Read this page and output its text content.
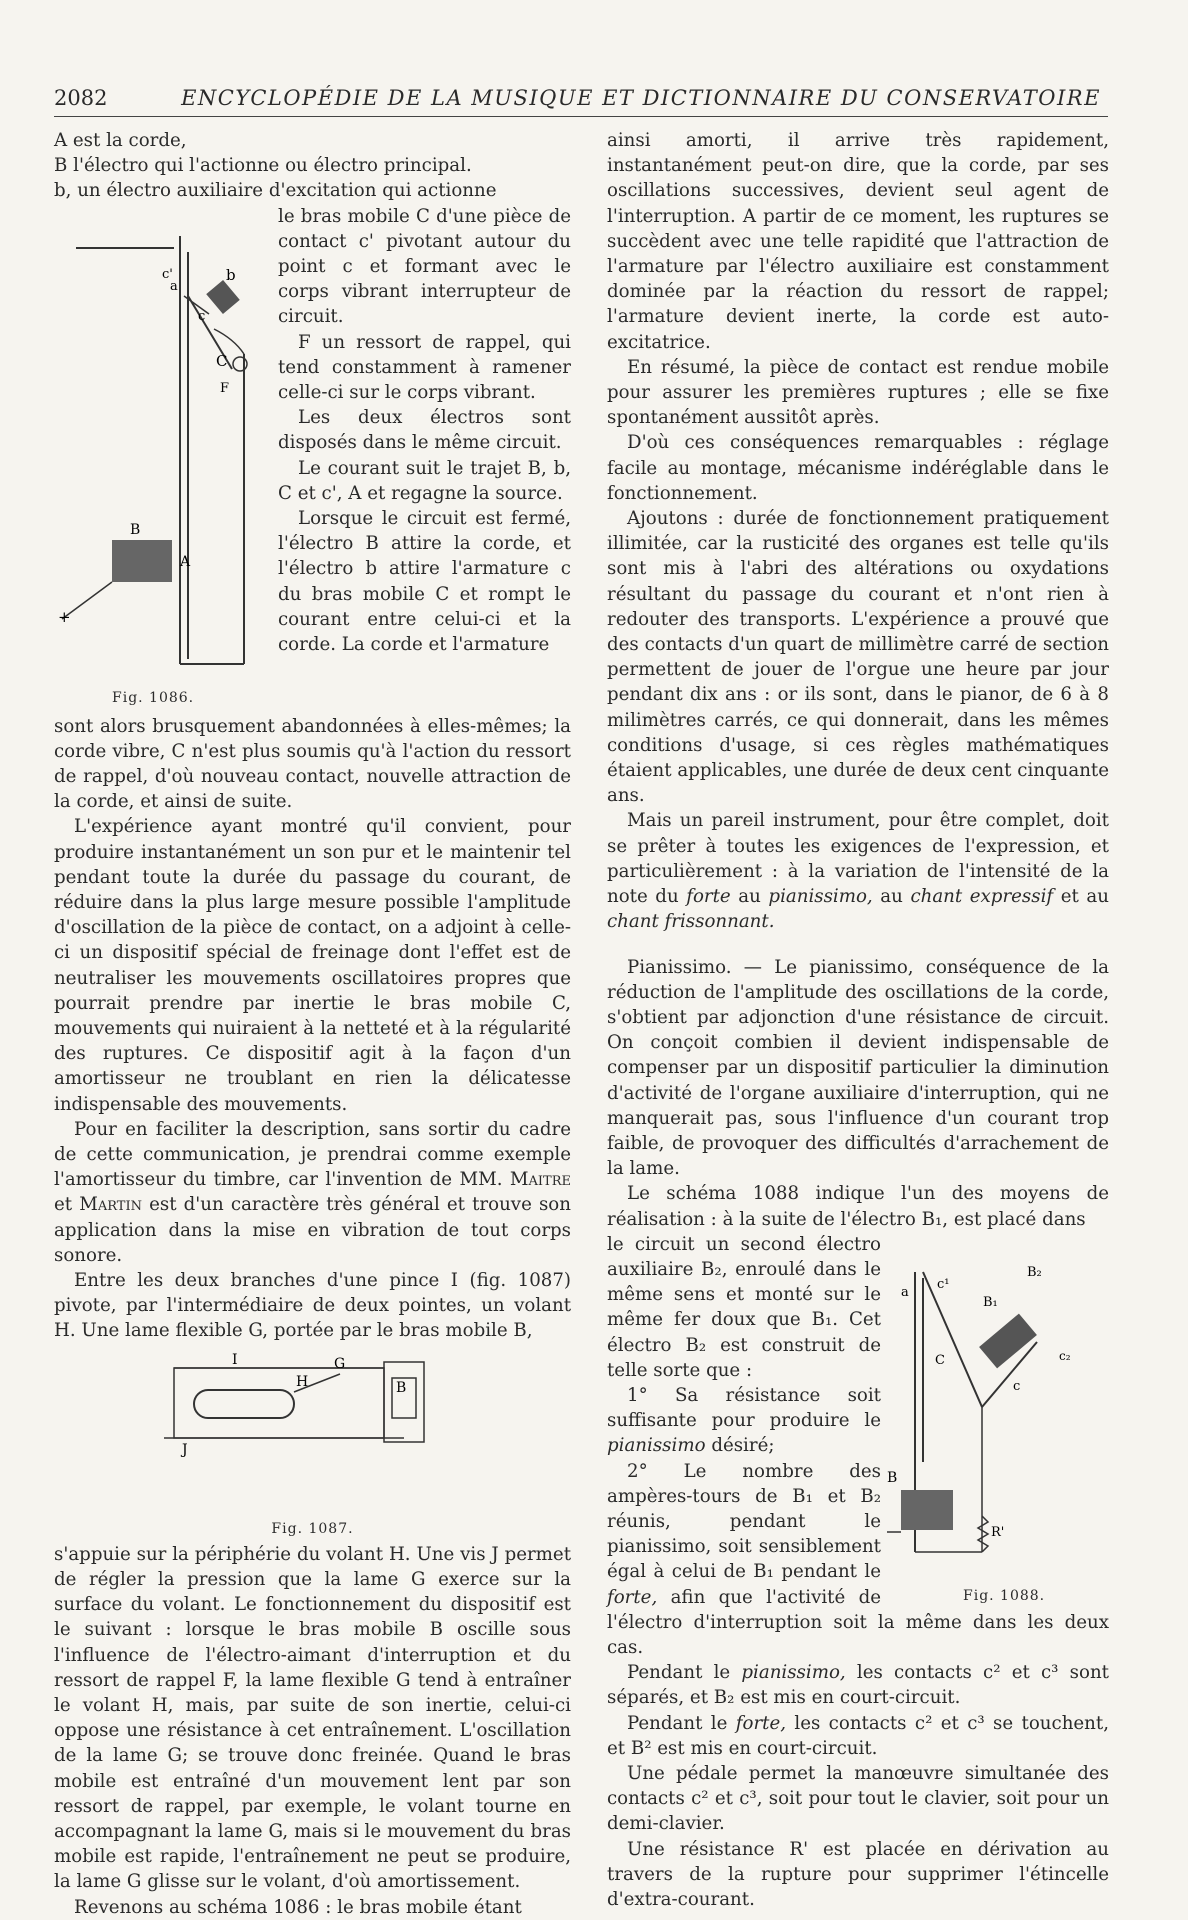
2082	ENCYCLOPÉDIE DE LA MUSIQUE ET DICTIONNAIRE DU CONSERVATOIRE

A est la corde,

B l'électro qui l'actionne ou électro principal.

b, un électro auxiliaire d'excitation qui actionne

c'
a
b
c
C
F
B
A
+
Fig. 1086.

le bras mobile C d'une pièce de contact c' pivotant autour du point c et formant avec le corps vibrant interrupteur de circuit.

F un ressort de rappel, qui tend constamment à ramener celle-ci sur le corps vibrant.

Les deux électros sont disposés dans le même circuit.

Le courant suit le trajet B, b, C et c', A et regagne la source.

Lorsque le circuit est fermé, l'électro B attire la corde, et l'électro b attire l'armature c du bras mobile C et rompt le courant entre celui-ci et la corde. La corde et l'armature

sont alors brusquement abandonnées à elles-mêmes; la corde vibre, C n'est plus soumis qu'à l'action du ressort de rappel, d'où nouveau contact, nouvelle attraction de la corde, et ainsi de suite.

L'expérience ayant montré qu'il convient, pour produire instantanément un son pur et le maintenir tel pendant toute la durée du passage du courant, de réduire dans la plus large mesure possible l'amplitude d'oscillation de la pièce de contact, on a adjoint à celle-ci un dispositif spécial de freinage dont l'effet est de neutraliser les mouvements oscillatoires propres que pourrait prendre par inertie le bras mobile C, mouvements qui nuiraient à la netteté et à la régularité des ruptures. Ce dispositif agit à la façon d'un amortisseur ne troublant en rien la délicatesse indispensable des mouvements.

Pour en faciliter la description, sans sortir du cadre de cette communication, je prendrai comme exemple l'amortisseur du timbre, car l'invention de MM. Maitre et Martin est d'un caractère très général et trouve son application dans la mise en vibration de tout corps sonore.

Entre les deux branches d'une pince I (fig. 1087) pivote, par l'intermédiaire de deux pointes, un volant H. Une lame flexible G, portée par le bras mobile B,

I
H
G
B
J
Fig. 1087.

s'appuie sur la périphérie du volant H. Une vis J permet de régler la pression que la lame G exerce sur la surface du volant. Le fonctionnement du dispositif est le suivant : lorsque le bras mobile B oscille sous l'influence de l'électro-aimant d'interruption et du ressort de rappel F, la lame flexible G tend à entraîner le volant H, mais, par suite de son inertie, celui-ci oppose une résistance à cet entraînement. L'oscillation de la lame G; se trouve donc freinée. Quand le bras mobile est entraîné d'un mouvement lent par son ressort de rappel, par exemple, le volant tourne en accompagnant la lame G, mais si le mouvement du bras mobile est rapide, l'entraînement ne peut se produire, la lame G glisse sur le volant, d'où amortissement.

Revenons au schéma 1086 : le bras mobile étant

ainsi amorti, il arrive très rapidement, instantanément peut-on dire, que la corde, par ses oscillations successives, devient seul agent de l'interruption. A partir de ce moment, les ruptures se succèdent avec une telle rapidité que l'attraction de l'armature par l'électro auxiliaire est constamment dominée par la réaction du ressort de rappel; l'armature devient inerte, la corde est auto-excitatrice.

En résumé, la pièce de contact est rendue mobile pour assurer les premières ruptures ; elle se fixe spontanément aussitôt après.

D'où ces conséquences remarquables : réglage facile au montage, mécanisme indéréglable dans le fonctionnement.

Ajoutons : durée de fonctionnement pratiquement illimitée, car la rusticité des organes est telle qu'ils sont mis à l'abri des altérations ou oxydations résultant du passage du courant et n'ont rien à redouter des transports. L'expérience a prouvé que des contacts d'un quart de millimètre carré de section permettent de jouer de l'orgue une heure par jour pendant dix ans : or ils sont, dans le pianor, de 6 à 8 milimètres carrés, ce qui donnerait, dans les mêmes conditions d'usage, si ces règles mathématiques étaient applicables, une durée de deux cent cinquante ans.

Mais un pareil instrument, pour être complet, doit se prêter à toutes les exigences de l'expression, et particulièrement : à la variation de l'intensité de la note du forte au pianissimo, au chant expressif et au chant frissonnant.

Pianissimo. — Le pianissimo, conséquence de la réduction de l'amplitude des oscillations de la corde, s'obtient par adjonction d'une résistance de circuit. On conçoit combien il devient indispensable de compenser par un dispositif particulier la diminution d'activité de l'organe auxiliaire d'interruption, qui ne manquerait pas, sous l'influence d'un courant trop faible, de provoquer des difficultés d'arrachement de la lame.

Le schéma 1088 indique l'un des moyens de réalisation : à la suite de l'électro B₁, est placé dans

a
c¹
B₁
B₂
C	c₂
c
B
R'
Fig. 1088.

le circuit un second électro auxiliaire B₂, enroulé dans le même sens et monté sur le même fer doux que B₁. Cet électro B₂ est construit de telle sorte que :

1° Sa résistance soit suffisante pour produire le pianissimo désiré;

2° Le nombre des ampères-tours de B₁ et B₂ réunis, pendant le pianissimo, soit sensiblement égal à celui de B₁ pendant le forte, afin que l'activité de l'électro d'interruption soit la même dans les deux cas.

Pendant le pianissimo, les contacts c² et c³ sont séparés, et B₂ est mis en court-circuit.

Pendant le forte, les contacts c² et c³ se touchent, et B² est mis en court-circuit.

Une pédale permet la manœuvre simultanée des contacts c² et c³, soit pour tout le clavier, soit pour un demi-clavier.

Une résistance R' est placée en dérivation au travers de la rupture pour supprimer l'étincelle d'extra-courant.
